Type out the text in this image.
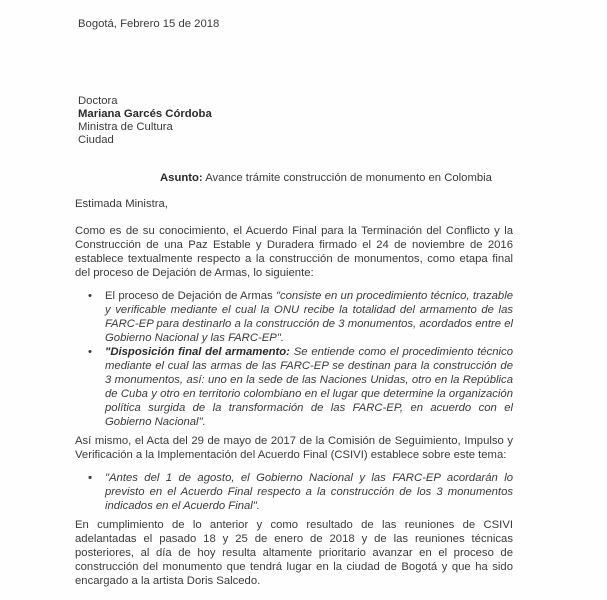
Bogotá, Febrero 15 de 2018
Doctora
Mariana Garcés Córdoba
Ministra de Cultura
Ciudad
Asunto: Avance trámite construcción de monumento en Colombia

Estimada Ministra,

Como es de su conocimiento, el Acuerdo Final para la Terminación del Conflicto y la Construcción de una Paz Estable y Duradera firmado el 24 de noviembre de 2016 establece textualmente respecto a la construcción de monumentos, como etapa final del proceso de Dejación de Armas, lo siguiente:

• El proceso de Dejación de Armas "consiste en un procedimiento técnico, trazable y verificable mediante el cual la ONU recibe la totalidad del armamento de las FARC-EP para destinarlo a la construcción de 3 monumentos, acordados entre el Gobierno Nacional y las FARC-EP".
• "Disposición final del armamento: Se entiende como el procedimiento técnico mediante el cual las armas de las FARC-EP se destinan para la construcción de 3 monumentos, así: uno en la sede de las Naciones Unidas, otro en la República de Cuba y otro en territorio colombiano en el lugar que determine la organización política surgida de la transformación de las FARC-EP, en acuerdo con el Gobierno Nacional".

Así mismo, el Acta del 29 de mayo de 2017 de la Comisión de Seguimiento, Impulso y Verificación a la Implementación del Acuerdo Final (CSIVI) establece sobre este tema:

▪ "Antes del 1 de agosto, el Gobierno Nacional y las FARC-EP acordarán lo previsto en el Acuerdo Final respecto a la construcción de los 3 monumentos indicados en el Acuerdo Final".

En cumplimiento de lo anterior y como resultado de las reuniones de CSIVI adelantadas el pasado 18 y 25 de enero de 2018 y de las reuniones técnicas posteriores, al día de hoy resulta altamente prioritario avanzar en el proceso de construcción del monumento que tendrá lugar en la ciudad de Bogotá y que ha sido encargado a la artista Doris Salcedo.
